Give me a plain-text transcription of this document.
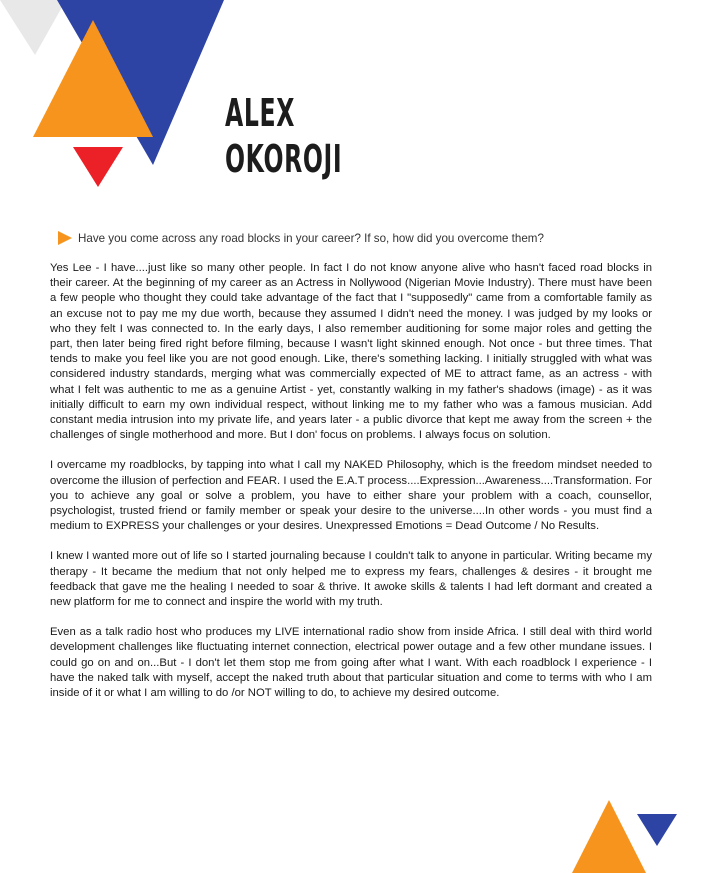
ALEX
OKOROJI
Have you come across any road blocks in your career? If so, how did you overcome them?

Yes Lee - I have....just like so many other people. In fact I do not know anyone alive who hasn't faced road blocks in their career. At the beginning of my career as an Actress in Nollywood (Nigerian Movie Industry). There must have been a few people who thought they could take advantage of the fact that I "supposedly" came from a comfortable family as an excuse not to pay me my due worth, because they assumed I didn't need the money. I was judged by my looks or who they felt I was connected to. In the early days, I also remember auditioning for some major roles and getting the part, then later being fired right before filming, because I wasn't light skinned enough. Not once - but three times. That tends to make you feel like you are not good enough. Like, there's something lacking. I initially struggled with what was considered industry standards, merging what was commercially expected of ME to attract fame, as an actress - with what I felt was authentic to me as a genuine Artist - yet, constantly walking in my father's shadows (image) - as it was initially difficult to earn my own individual respect, without linking me to my father who was a famous musician. Add constant media intrusion into my private life, and years later - a public divorce that kept me away from the screen + the challenges of single motherhood and more. But I don' focus on problems. I always focus on solution.

I overcame my roadblocks, by tapping into what I call my NAKED Philosophy, which is the freedom mindset needed to overcome the illusion of perfection and FEAR. I used the E.A.T process....Expression...Awareness....Transformation. For you to achieve any goal or solve a problem, you have to either share your problem with a coach, counsellor, psychologist, trusted friend or family member or speak your desire to the universe....In other words - you must find a medium to EXPRESS your challenges or your desires. Unexpressed Emotions = Dead Outcome / No Results.

I knew I wanted more out of life so I started journaling because I couldn't talk to anyone in particular. Writing became my therapy - It became the medium that not only helped me to express my fears, challenges & desires - it brought me feedback that gave me the healing I needed to soar & thrive. It awoke skills & talents I had left dormant and created a new platform for me to connect and inspire the world with my truth.

Even as a talk radio host who produces my LIVE international radio show from inside Africa. I still deal with third world development challenges like fluctuating internet connection, electrical power outage and a few other mundane issues. I could go on and on...But - I don't let them stop me from going after what I want. With each roadblock I experience - I have the naked talk with myself, accept the naked truth about that particular situation and come to terms with who I am inside of it or what I am willing to do /or NOT willing to do, to achieve my desired outcome.
